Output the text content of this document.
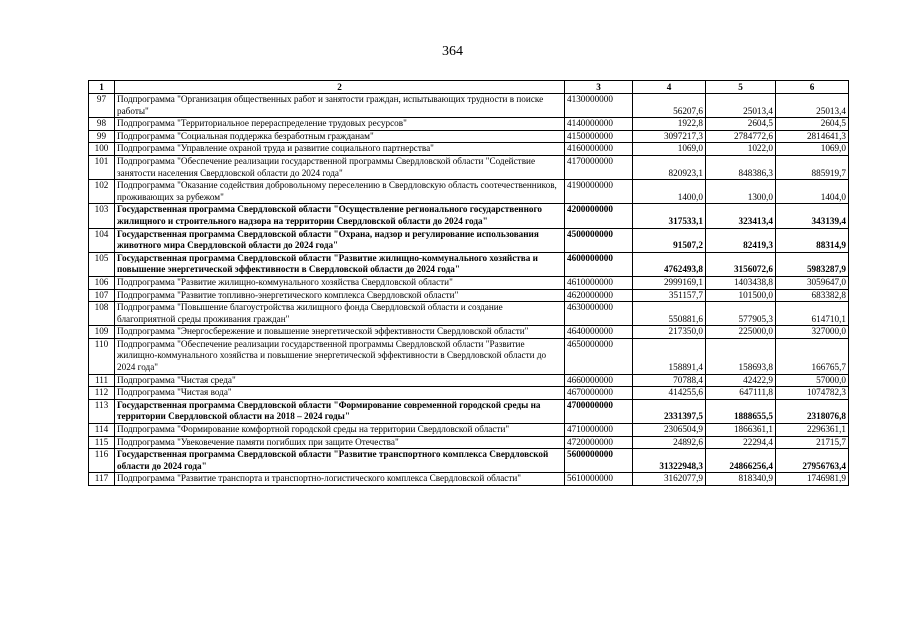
364
1	2	3	4	5	6
97	Подпрограмма "Организация общественных работ и занятости граждан, испытывающих трудности в поиске работы"	4130000000	56207,6	25013,4	25013,4
98	Подпрограмма "Территориальное перераспределение трудовых ресурсов"	4140000000	1922,8	2604,5	2604,5
99	Подпрограмма "Социальная поддержка безработным гражданам"	4150000000	3097217,3	2784772,6	2814641,3
100	Подпрограмма "Управление охраной труда и развитие социального партнерства"	4160000000	1069,0	1022,0	1069,0
101	Подпрограмма "Обеспечение реализации государственной программы Свердловской области "Содействие занятости населения Свердловской области до 2024 года"	4170000000	820923,1	848386,3	885919,7
102	Подпрограмма "Оказание содействия добровольному переселению в Свердловскую область соотечественников, проживающих за рубежом"	4190000000	1400,0	1300,0	1404,0
103	Государственная программа Свердловской области "Осуществление регионального государственного жилищного и строительного надзора на территории Свердловской области до 2024 года"	4200000000	317533,1	323413,4	343139,4
104	Государственная программа Свердловской области "Охрана, надзор и регулирование использования животного мира Свердловской области до 2024 года"	4500000000	91507,2	82419,3	88314,9
105	Государственная программа Свердловской области "Развитие жилищно-коммунального хозяйства и повышение энергетической эффективности в Свердловской области до 2024 года"	4600000000	4762493,8	3156072,6	5983287,9
106	Подпрограмма "Развитие жилищно-коммунального хозяйства Свердловской области"	4610000000	2999169,1	1403438,8	3059647,0
107	Подпрограмма "Развитие топливно-энергетического комплекса Свердловской области"	4620000000	351157,7	101500,0	683382,8
108	Подпрограмма "Повышение благоустройства жилищного фонда Свердловской области и создание благоприятной среды проживания граждан"	4630000000	550881,6	577905,3	614710,1
109	Подпрограмма "Энергосбережение и повышение энергетической эффективности Свердловской области"	4640000000	217350,0	225000,0	327000,0
110	Подпрограмма "Обеспечение реализации государственной программы Свердловской области "Развитие жилищно-коммунального хозяйства и повышение энергетической эффективности в Свердловской области до 2024 года"	4650000000	158891,4	158693,8	166765,7
111	Подпрограмма "Чистая среда"	4660000000	70788,4	42422,9	57000,0
112	Подпрограмма "Чистая вода"	4670000000	414255,6	647111,8	1074782,3
113	Государственная программа Свердловской области "Формирование современной городской среды на территории Свердловской области на 2018 – 2024 годы"	4700000000	2331397,5	1888655,5	2318076,8
114	Подпрограмма "Формирование комфортной городской среды на территории Свердловской области"	4710000000	2306504,9	1866361,1	2296361,1
115	Подпрограмма "Увековечение памяти погибших при защите Отечества"	4720000000	24892,6	22294,4	21715,7
116	Государственная программа Свердловской области "Развитие транспортного комплекса Свердловской области до 2024 года"	5600000000	31322948,3	24866256,4	27956763,4
117	Подпрограмма "Развитие транспорта и транспортно-логистического комплекса Свердловской области"	5610000000	3162077,9	818340,9	1746981,9
